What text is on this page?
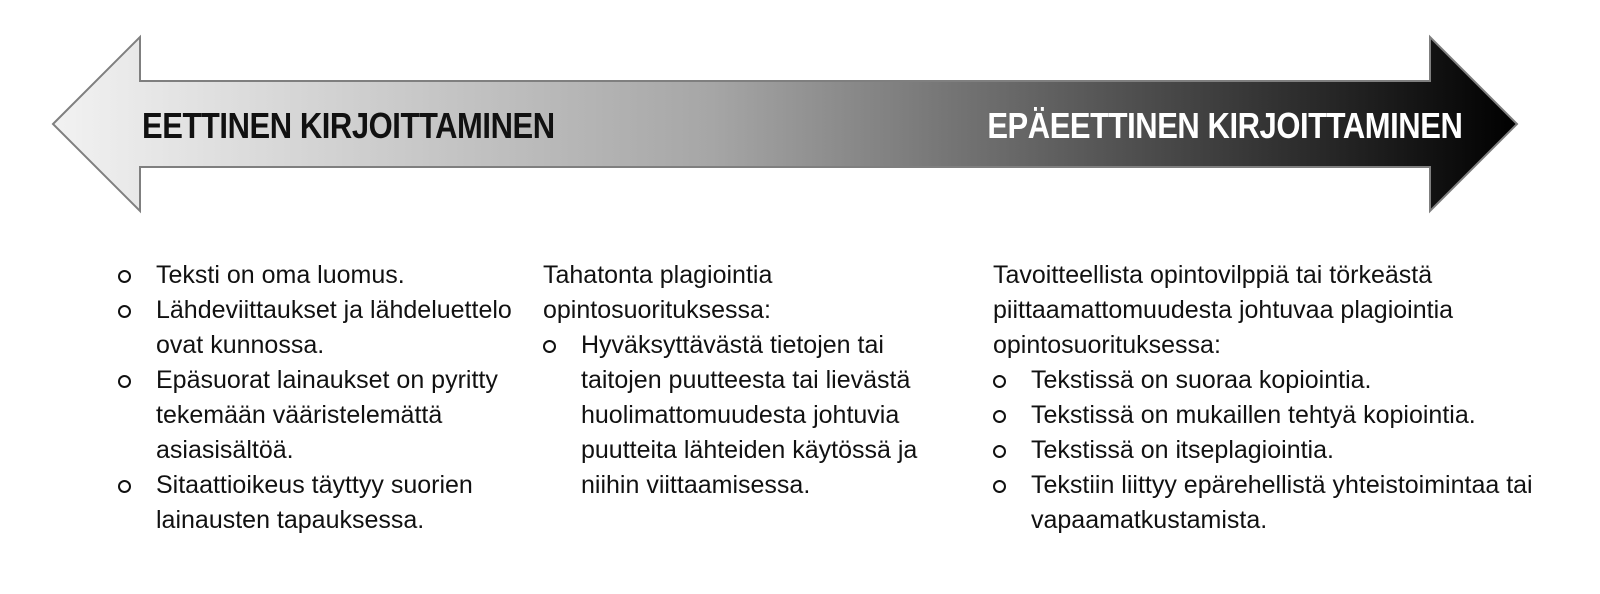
EETTINEN KIRJOITTAMINEN	EPÄEETTINEN KIRJOITTAMINEN
Teksti on oma luomus.
Lähdeviittaukset ja lähdeluettelo ovat kunnossa.
Epäsuorat lainaukset on pyritty tekemään vääristelemättä asiasisältöä.
Sitaattioikeus täyttyy suorien lainausten tapauksessa.

Tahatonta plagiointia opintosuorituksessa:

Hyväksyttävästä tietojen tai taitojen puutteesta tai lievästä huolimattomuudesta johtuvia puutteita lähteiden käytössä ja niihin viittaamisessa.

Tavoitteellista opintovilppiä tai törkeästä piittaamattomuudesta johtuvaa plagiointia opintosuorituksessa:

Tekstissä on suoraa kopiointia.
Tekstissä on mukaillen tehtyä kopiointia.
Tekstissä on itseplagiointia.
Tekstiin liittyy epärehellistä yhteistoimintaa tai vapaamatkustamista.
